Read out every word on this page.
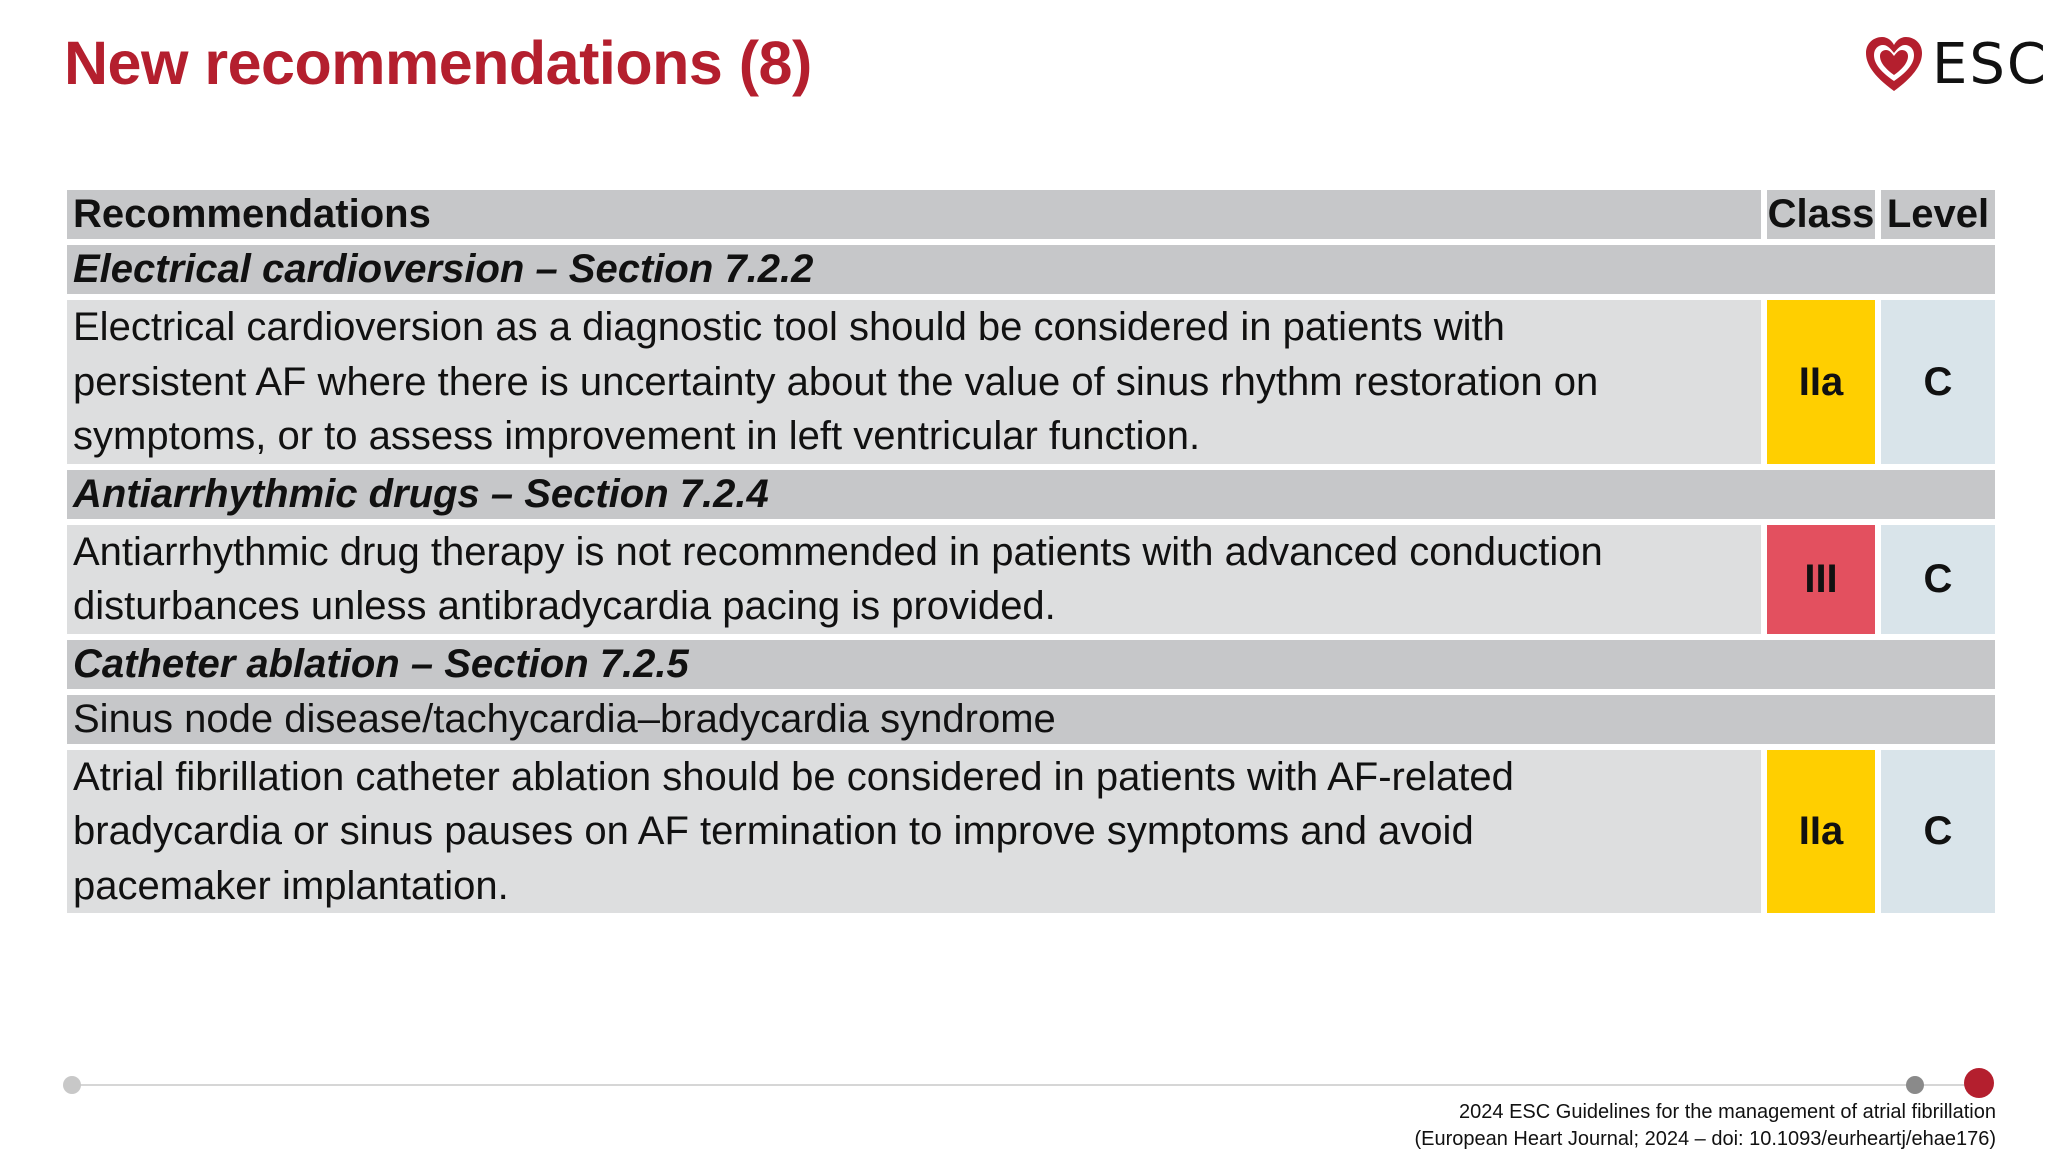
New recommendations (8)	ESC
Recommendations	Class Level
Electrical cardioversion – Section 7.2.2
Electrical cardioversion as a diagnostic tool should be considered in patients with
persistent AF where there is uncertainty about the value of sinus rhythm restoration on
symptoms, or to assess improvement in left ventricular function.
IIa	C
Antiarrhythmic drugs – Section 7.2.4
Antiarrhythmic drug therapy is not recommended in patients with advanced conduction
disturbances unless antibradycardia pacing is provided.
III	C
Catheter ablation – Section 7.2.5
Sinus node disease/tachycardia–bradycardia syndrome
Atrial fibrillation catheter ablation should be considered in patients with AF-related
bradycardia or sinus pauses on AF termination to improve symptoms and avoid
pacemaker implantation.
IIa	C
2024 ESC Guidelines for the management of atrial fibrillation
(European Heart Journal; 2024 – doi: 10.1093/eurheartj/ehae176)
